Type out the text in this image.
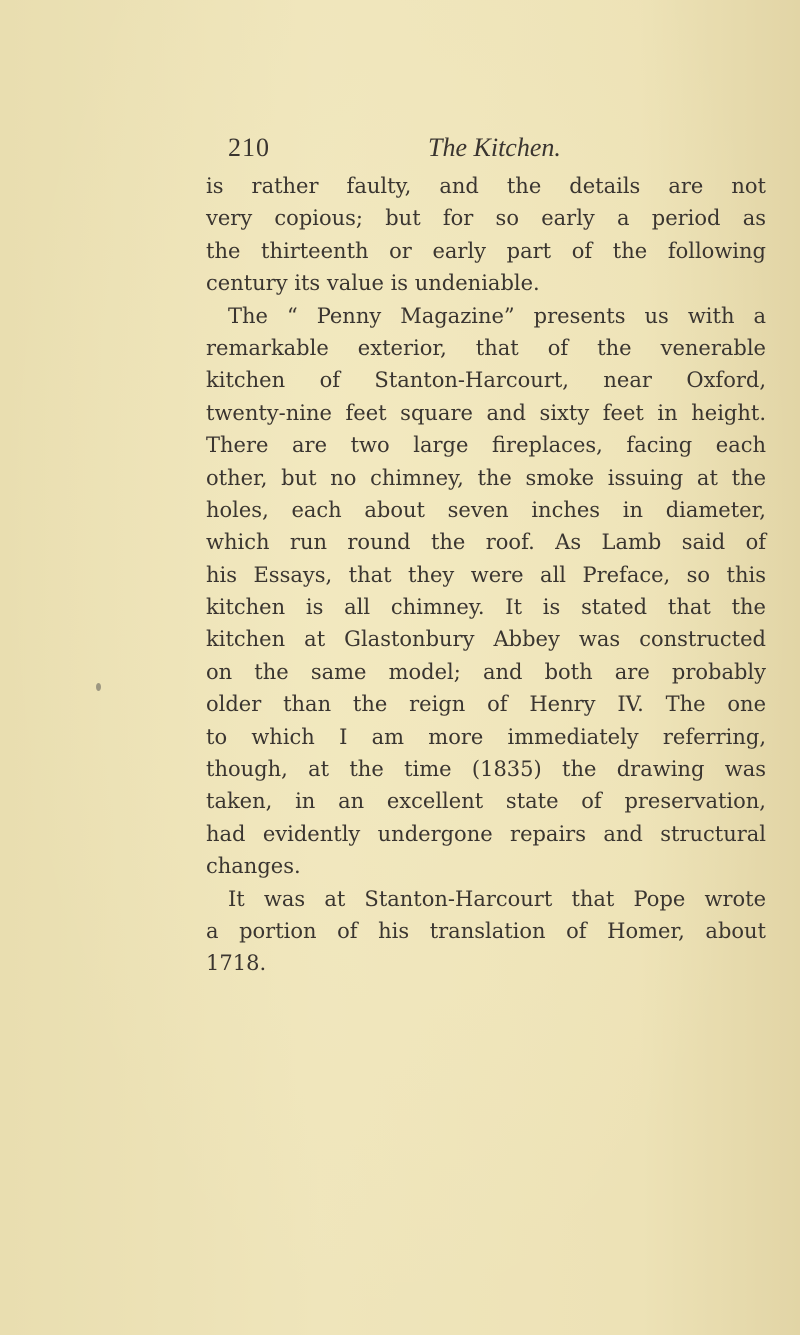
210	The Kitchen.
is rather faulty, and the details are not
very copious; but for so early a period as
the thirteenth or early part of the following
century its value is undeniable.
The “ Penny Magazine” presents us with a
remarkable exterior, that of the venerable
kitchen of Stanton-Harcourt, near Oxford,
twenty-nine feet square and sixty feet in height.
There are two large fireplaces, facing each
other, but no chimney, the smoke issuing at the
holes, each about seven inches in diameter,
which run round the roof. As Lamb said of
his Essays, that they were all Preface, so this
kitchen is all chimney. It is stated that the
kitchen at Glastonbury Abbey was constructed
on the same model; and both are probably
older than the reign of Henry IV. The one
to which I am more immediately referring,
though, at the time (1835) the drawing was
taken, in an excellent state of preservation,
had evidently undergone repairs and structural
changes.
It was at Stanton-Harcourt that Pope wrote
a portion of his translation of Homer, about
1718.
